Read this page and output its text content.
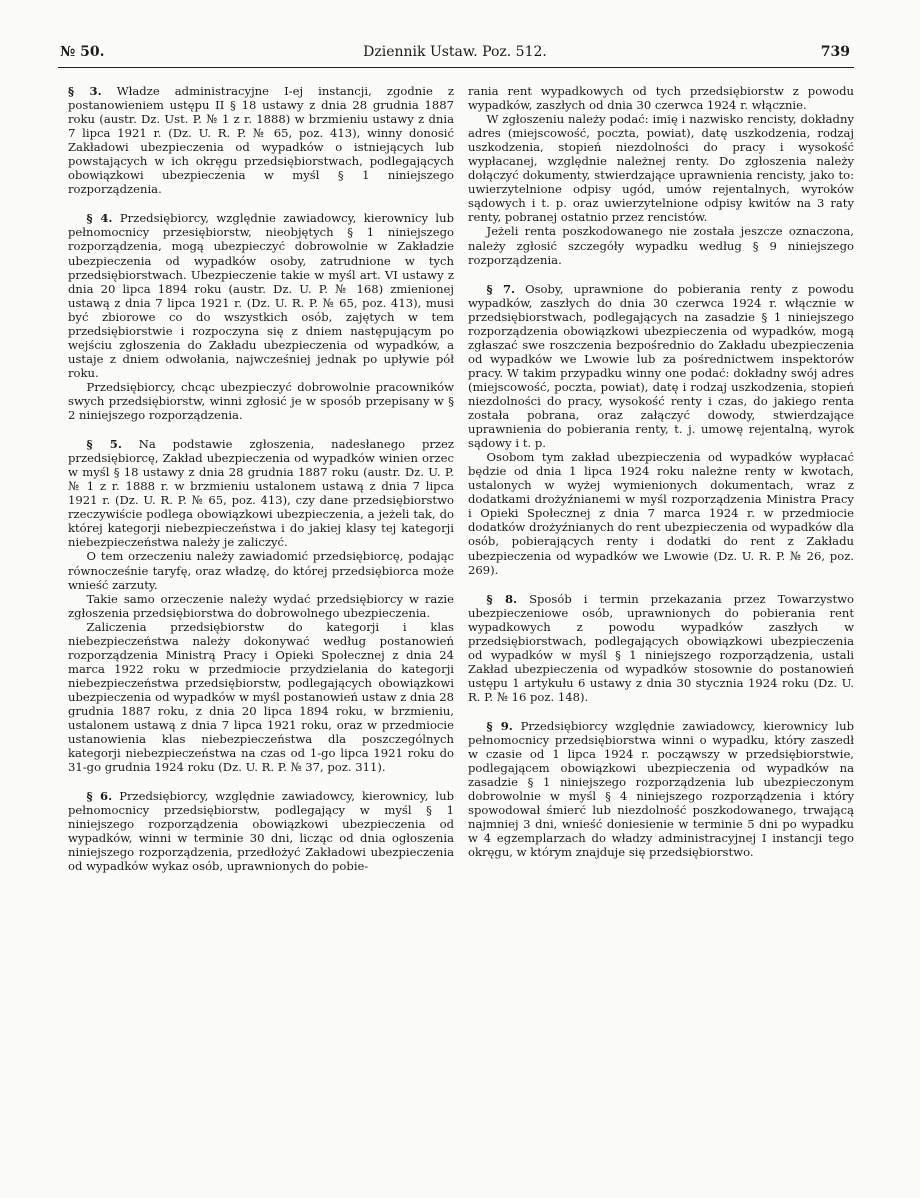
№ 50.	Dziennik Ustaw. Poz. 512.	739

§ 3. Władze administracyjne I-ej instancji, zgodnie z postanowieniem ustępu II § 18 ustawy z dnia 28 grudnia 1887 roku (austr. Dz. Ust. P. № 1 z r. 1888) w brzmieniu ustawy z dnia 7 lipca 1921 r. (Dz. U. R. P. № 65, poz. 413), winny donosić Zakładowi ubezpieczenia od wypadków o istniejących lub powstających w ich okręgu przedsiębiorstwach, podlegających obowiązkowi ubezpieczenia w myśl § 1 niniejszego rozporządzenia.

§ 4. Przedsiębiorcy, względnie zawiadowcy, kierownicy lub pełnomocnicy przesiębiorstw, nieobjętych § 1 niniejszego rozporządzenia, mogą ubezpieczyć dobrowolnie w Zakładzie ubezpieczenia od wypadków osoby, zatrudnione w tych przedsiębiorstwach. Ubezpieczenie takie w myśl art. VI ustawy z dnia 20 lipca 1894 roku (austr. Dz. U. P. № 168) zmienionej ustawą z dnia 7 lipca 1921 r. (Dz. U. R. P. № 65, poz. 413), musi być zbiorowe co do wszystkich osób, zajętych w tem przedsiębiorstwie i rozpoczyna się z dniem następującym po wejściu zgłoszenia do Zakładu ubezpieczenia od wypadków, a ustaje z dniem odwołania, najwcześniej jednak po upływie pół roku.

Przedsiębiorcy, chcąc ubezpieczyć dobrowolnie pracowników swych przedsiębiorstw, winni zgłosić je w sposób przepisany w § 2 niniejszego rozporządzenia.

§ 5. Na podstawie zgłoszenia, nadesłanego przez przedsiębiorcę, Zakład ubezpieczenia od wypadków winien orzec w myśl § 18 ustawy z dnia 28 grudnia 1887 roku (austr. Dz. U. P. № 1 z r. 1888 r. w brzmieniu ustalonem ustawą z dnia 7 lipca 1921 r. (Dz. U. R. P. № 65, poz. 413), czy dane przedsiębiorstwo rzeczywiście podlega obowiązkowi ubezpieczenia, a jeżeli tak, do której kategorji niebezpieczeństwa i do jakiej klasy tej kategorji niebezpieczeństwa należy je zaliczyć.

O tem orzeczeniu należy zawiadomić przedsiębiorcę, podając równocześnie taryfę, oraz władzę, do której przedsiębiorca może wnieść zarzuty.

Takie samo orzeczenie należy wydać przedsiębiorcy w razie zgłoszenia przedsiębiorstwa do dobrowolnego ubezpieczenia.

Zaliczenia przedsiębiorstw do kategorji i klas niebezpieczeństwa należy dokonywać według postanowień rozporządzenia Ministrą Pracy i Opieki Społecznej z dnia 24 marca 1922 roku w przedmiocie przydzielania do kategorji niebezpieczeństwa przedsiębiorstw, podlegających obowiązkowi ubezpieczenia od wypadków w myśl postanowień ustaw z dnia 28 grudnia 1887 roku, z dnia 20 lipca 1894 roku, w brzmieniu, ustalonem ustawą z dnia 7 lipca 1921 roku, oraz w przedmiocie ustanowienia klas niebezpieczeństwa dla poszczególnych kategorji niebezpieczeństwa na czas od 1-go lipca 1921 roku do 31-go grudnia 1924 roku (Dz. U. R. P. № 37, poz. 311).

§ 6. Przedsiębiorcy, względnie zawiadowcy, kierownicy, lub pełnomocnicy przedsiębiorstw, podlegający w myśl § 1 niniejszego rozporządzenia obowiązkowi ubezpieczenia od wypadków, winni w terminie 30 dni, licząc od dnia ogłoszenia niniejszego rozporządzenia, przedłożyć Zakładowi ubezpieczenia od wypadków wykaz osób, uprawnionych do pobie-

rania rent wypadkowych od tych przedsiębiorstw z powodu wypadków, zaszłych od dnia 30 czerwca 1924 r. włącznie.

W zgłoszeniu należy podać: imię i nazwisko rencisty, dokładny adres (miejscowość, poczta, powiat), datę uszkodzenia, rodzaj uszkodzenia, stopień niezdolności do pracy i wysokość wypłacanej, względnie należnej renty. Do zgłoszenia należy dołączyć dokumenty, stwierdzające uprawnienia rencisty, jako to: uwierzytelnione odpisy ugód, umów rejentalnych, wyroków sądowych i t. p. oraz uwierzytelnione odpisy kwitów na 3 raty renty, pobranej ostatnio przez rencistów.

Jeżeli renta poszkodowanego nie została jeszcze oznaczona, należy zgłosić szczegóły wypadku według § 9 niniejszego rozporządzenia.

§ 7. Osoby, uprawnione do pobierania renty z powodu wypadków, zaszłych do dnia 30 czerwca 1924 r. włącznie w przedsiębiorstwach, podlegających na zasadzie § 1 niniejszego rozporządzenia obowiązkowi ubezpieczenia od wypadków, mogą zgłaszać swe roszczenia bezpośrednio do Zakładu ubezpieczenia od wypadków we Lwowie lub za pośrednictwem inspektorów pracy. W takim przypadku winny one podać: dokładny swój adres (miejscowość, poczta, powiat), datę i rodzaj uszkodzenia, stopień niezdolności do pracy, wysokość renty i czas, do jakiego renta została pobrana, oraz załączyć dowody, stwierdzające uprawnienia do pobierania renty, t. j. umowę rejentalną, wyrok sądowy i t. p.

Osobom tym zakład ubezpieczenia od wypadków wypłacać będzie od dnia 1 lipca 1924 roku należne renty w kwotach, ustalonych w wyżej wymienionych dokumentach, wraz z dodatkami drożyźnianemi w myśl rozporządzenia Ministra Pracy i Opieki Społecznej z dnia 7 marca 1924 r. w przedmiocie dodatków drożyźnianych do rent ubezpieczenia od wypadków dla osób, pobierających renty i dodatki do rent z Zakładu ubezpieczenia od wypadków we Lwowie (Dz. U. R. P. № 26, poz. 269).

§ 8. Sposób i termin przekazania przez Towarzystwo ubezpieczeniowe osób, uprawnionych do pobierania rent wypadkowych z powodu wypadków zaszłych w przedsiębiorstwach, podlegających obowiązkowi ubezpieczenia od wypadków w myśl § 1 niniejszego rozporządzenia, ustali Zakład ubezpieczenia od wypadków stosownie do postanowień ustępu 1 artykułu 6 ustawy z dnia 30 stycznia 1924 roku (Dz. U. R. P. № 16 poz. 148).

§ 9. Przedsiębiorcy względnie zawiadowcy, kierownicy lub pełnomocnicy przedsiębiorstwa winni o wypadku, który zaszedł w czasie od 1 lipca 1924 r. począwszy w przedsiębiorstwie, podlegającem obowiązkowi ubezpieczenia od wypadków na zasadzie § 1 niniejszego rozporządzenia lub ubezpieczonym dobrowolnie w myśl § 4 niniejszego rozporządzenia i który spowodował śmierć lub niezdolność poszkodowanego, trwającą najmniej 3 dni, wnieść doniesienie w terminie 5 dni po wypadku w 4 egzemplarzach do władzy administracyjnej I instancji tego okręgu, w którym znajduje się przedsiębiorstwo.
